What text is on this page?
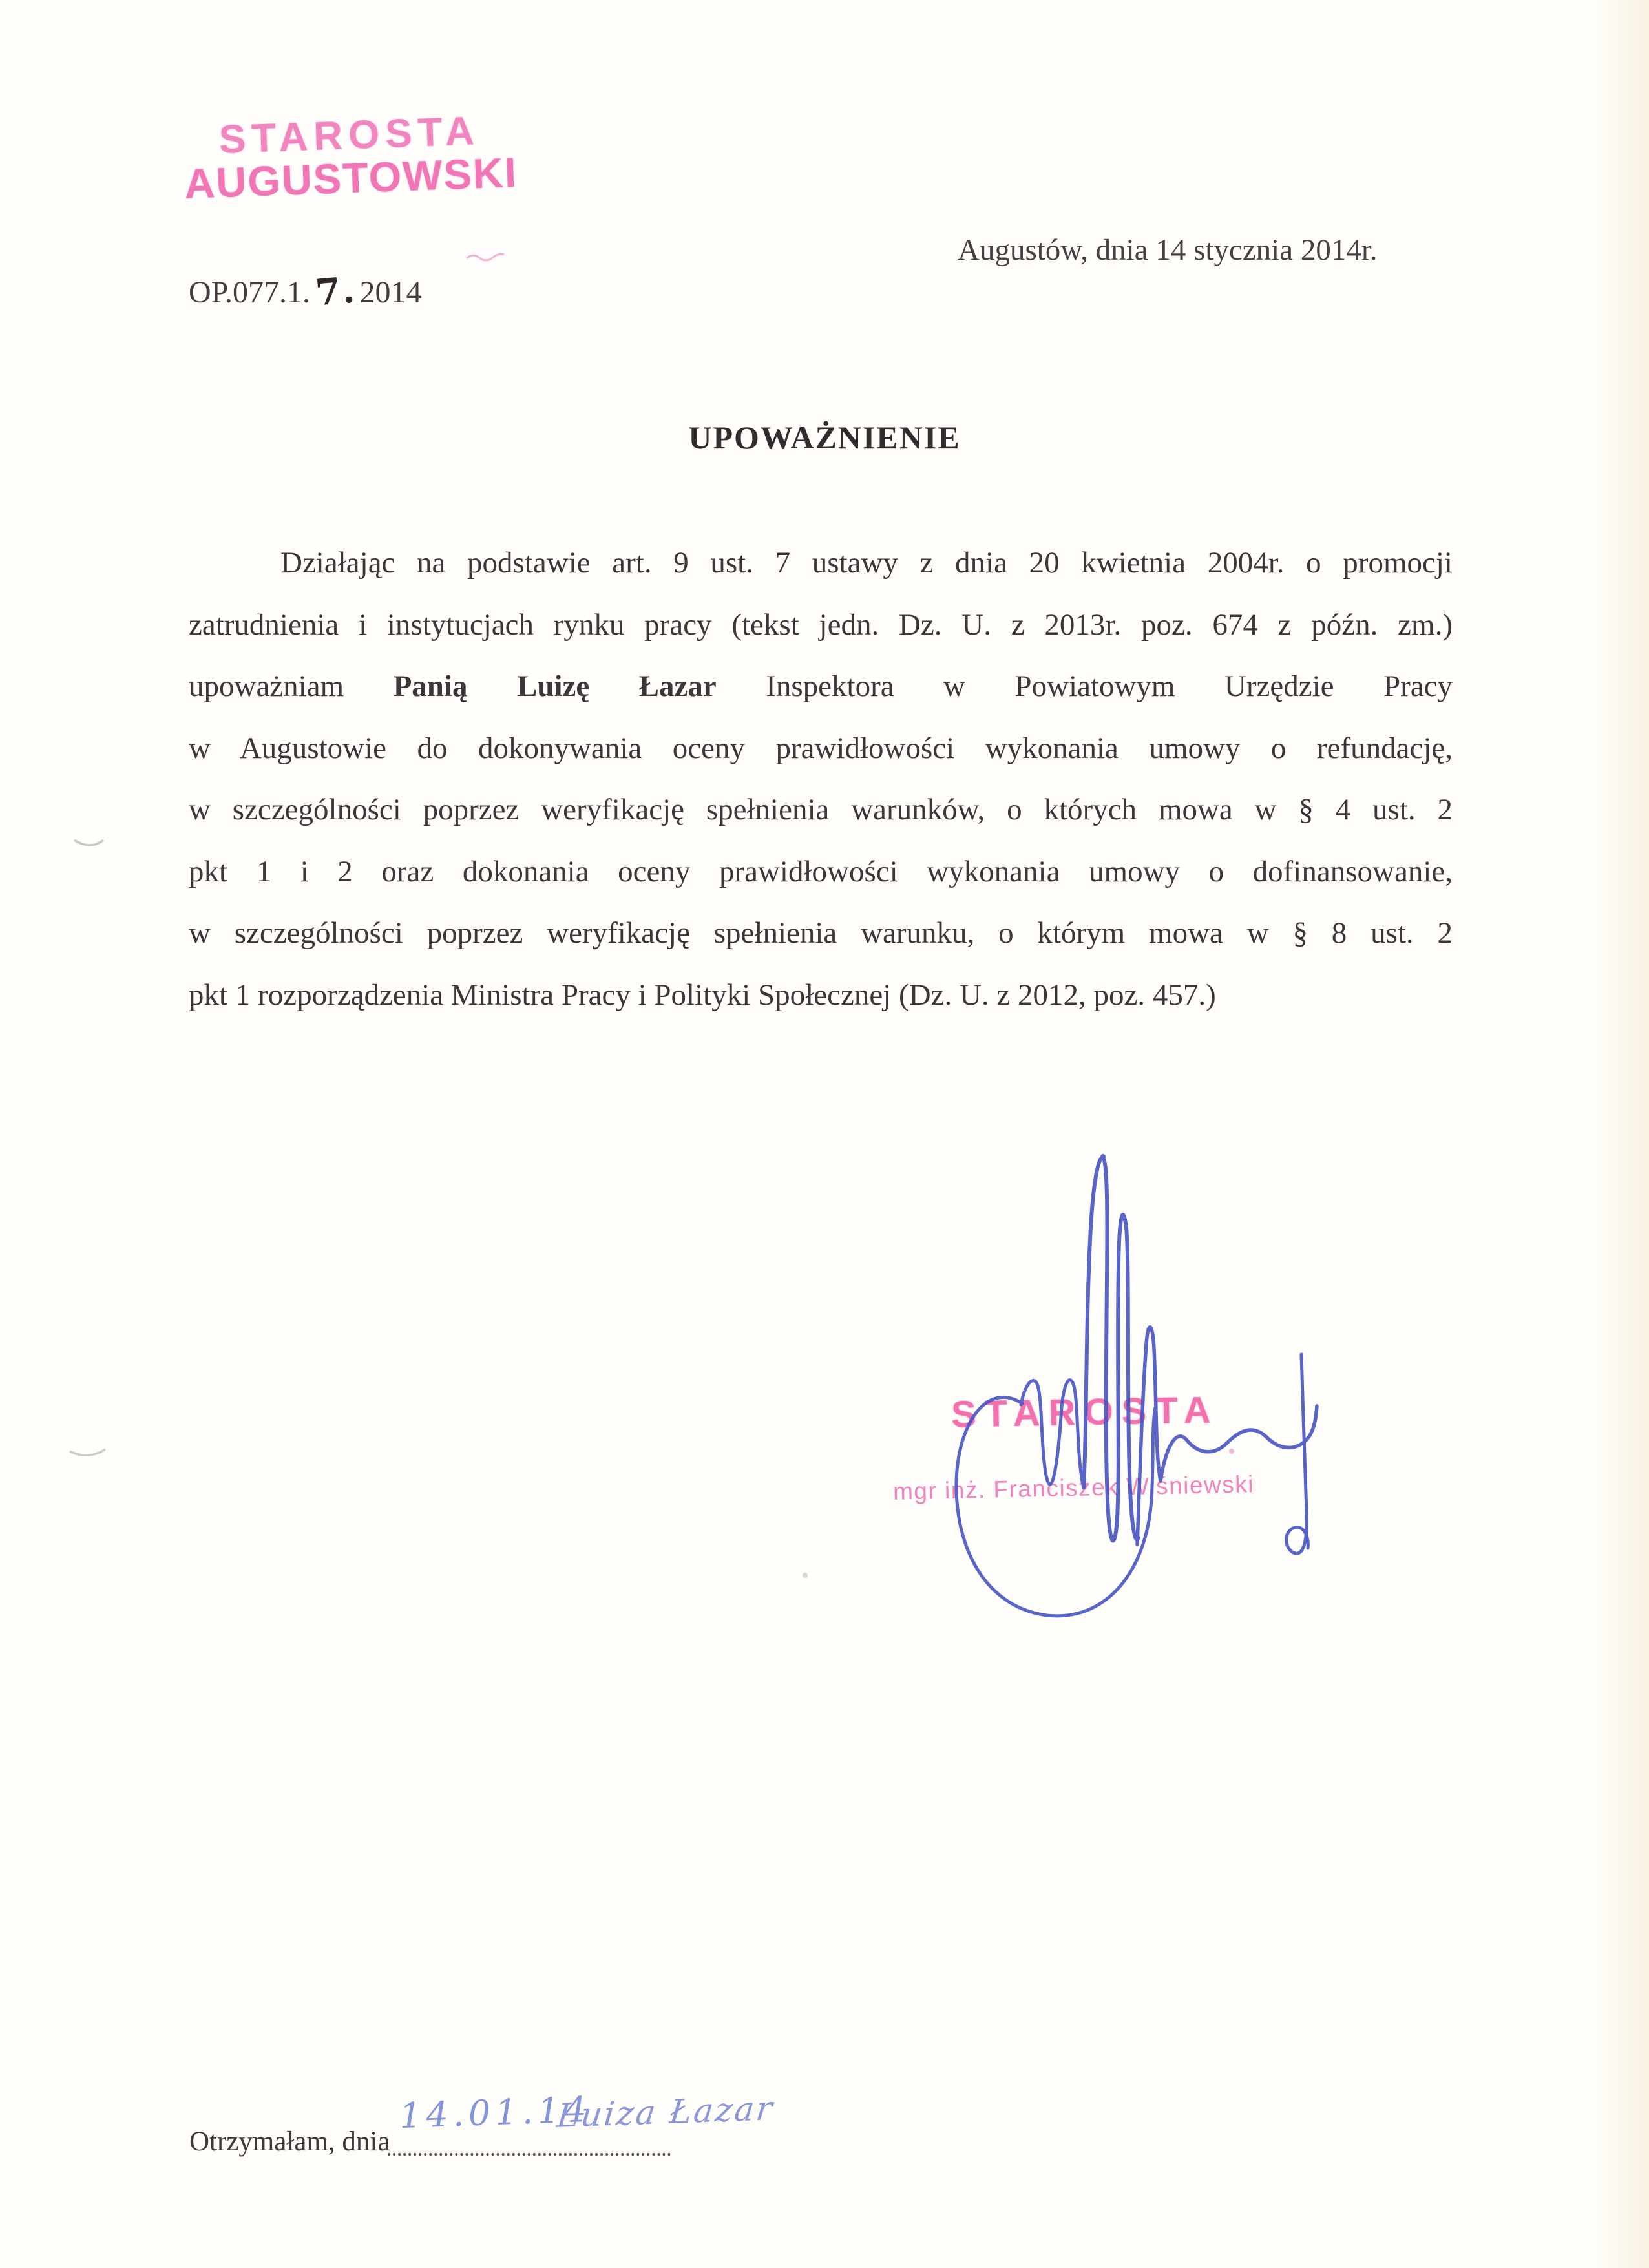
STAROSTA
AUGUSTOWSKI
Augustów, dnia 14 stycznia 2014r.
OP.077.1.7.2014
UPOWAŻNIENIE
Działając na podstawie art. 9 ust. 7 ustawy z dnia 20 kwietnia 2004r. o promocji
zatrudnienia i instytucjach rynku pracy (tekst jedn. Dz. U. z 2013r. poz. 674 z późn. zm.)
upoważniam Panią Luizę Łazar Inspektora w Powiatowym Urzędzie Pracy
w Augustowie do dokonywania oceny prawidłowości wykonania umowy o refundację,
w szczególności poprzez weryfikację spełnienia warunków, o których mowa w § 4 ust. 2
pkt 1 i 2 oraz dokonania oceny prawidłowości wykonania umowy o dofinansowanie,
w szczególności poprzez weryfikację spełnienia warunku, o którym mowa w § 8 ust. 2
pkt 1 rozporządzenia Ministra Pracy i Polityki Społecznej (Dz. U. z 2012, poz. 457.)
STAROSTA
mgr inż. Franciszek Wiśniewski
Otrzymałam, dnia
14.01.14
Luiza Łazar
